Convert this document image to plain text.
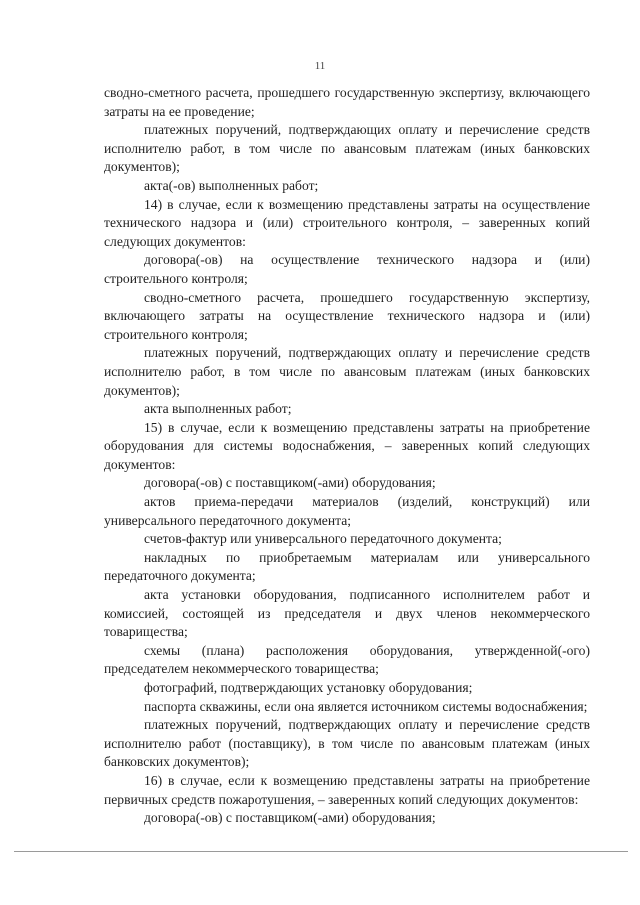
11

сводно-сметного расчета, прошедшего государственную экспертизу, включающего затраты на ее проведение;

платежных поручений, подтверждающих оплату и перечисление средств исполнителю работ, в том числе по авансовым платежам (иных банковских документов);

акта(-ов) выполненных работ;

14) в случае, если к возмещению представлены затраты на осуществление технического надзора и (или) строительного контроля, – заверенных копий следующих документов:

договора(-ов) на осуществление технического надзора и (или) строительного контроля;

сводно-сметного расчета, прошедшего государственную экспертизу, включающего затраты на осуществление технического надзора и (или) строительного контроля;

платежных поручений, подтверждающих оплату и перечисление средств исполнителю работ, в том числе по авансовым платежам (иных банковских документов);

акта выполненных работ;

15) в случае, если к возмещению представлены затраты на приобретение оборудования для системы водоснабжения, – заверенных копий следующих документов:

договора(-ов) с поставщиком(-ами) оборудования;

актов приема-передачи материалов (изделий, конструкций) или универсального передаточного документа;

счетов-фактур или универсального передаточного документа;

накладных по приобретаемым материалам или универсального передаточного документа;

акта установки оборудования, подписанного исполнителем работ и комиссией, состоящей из председателя и двух членов некоммерческого товарищества;

схемы (плана) расположения оборудования, утвержденной(-ого) председателем некоммерческого товарищества;

фотографий, подтверждающих установку оборудования;

паспорта скважины, если она является источником системы водоснабжения;

платежных поручений, подтверждающих оплату и перечисление средств исполнителю работ (поставщику), в том числе по авансовым платежам (иных банковских документов);

16) в случае, если к возмещению представлены затраты на приобретение первичных средств пожаротушения, – заверенных копий следующих документов:

договора(-ов) с поставщиком(-ами) оборудования;
